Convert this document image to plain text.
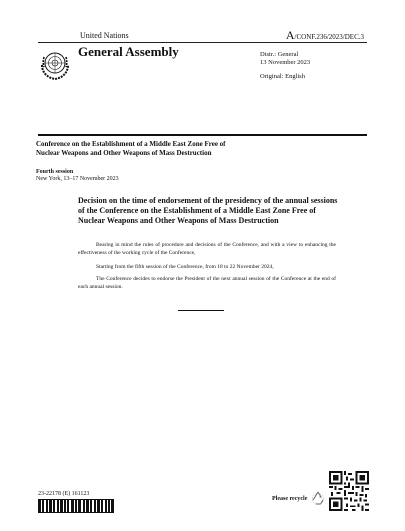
United Nations	A/CONF.236/2023/DEC.3
General Assembly	Distr.: General
13 November 2023
Original: English
Conference on the Establishment of a Middle East Zone Free of Nuclear Weapons and Other Weapons of Mass Destruction
Fourth session
New York, 13–17 November 2023
Decision on the time of endorsement of the presidency of the annual sessions of the Conference on the Establishment of a Middle East Zone Free of Nuclear Weapons and Other Weapons of Mass Destruction
Bearing in mind the rules of procedure and decisions of the Conference, and with a view to enhancing the effectiveness of the working cycle of the Conference,
Starting from the fifth session of the Conference, from 18 to 22 November 2024,
The Conference decides to endorse the President of the next annual session of the Conference at the end of each annual session.
23-22178 (E) 161123
Please recycle
